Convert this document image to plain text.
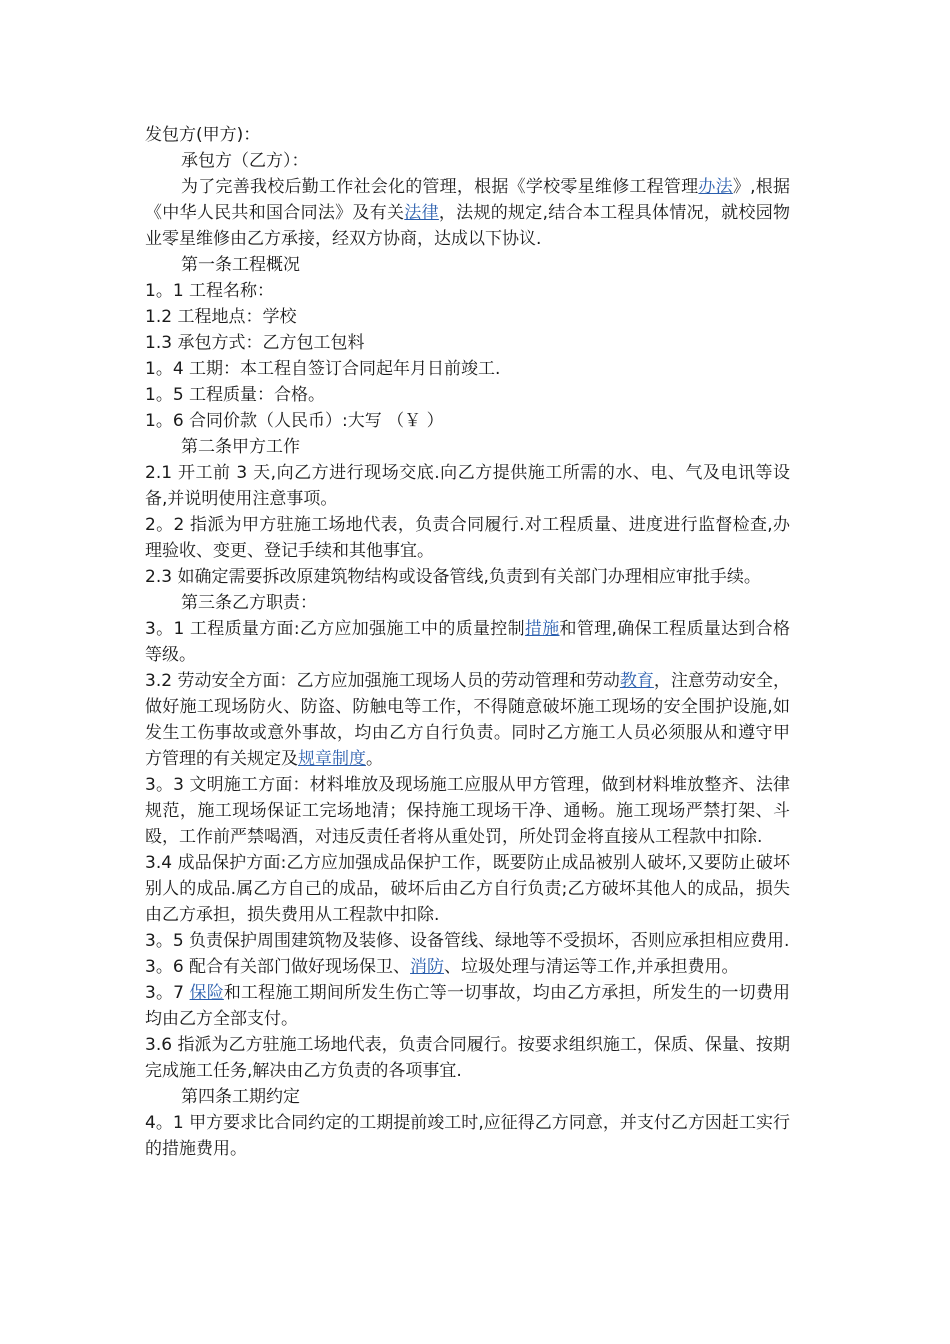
发包方(甲方)：

承包方（乙方）：

为了完善我校后勤工作社会化的管理，根据《学校零星维修工程管理办法》,根据《中华人民共和国合同法》及有关法律，法规的规定,结合本工程具体情况，就校园物业零星维修由乙方承接，经双方协商，达成以下协议.

第一条工程概况

1。1 工程名称：

1.2 工程地点：学校

1.3 承包方式：乙方包工包料

1。4 工期：本工程自签订合同起年月日前竣工.

1。5 工程质量：合格。

1。6 合同价款（人民币）:大写 （￥ ）

第二条甲方工作

2.1 开工前 3 天,向乙方进行现场交底.向乙方提供施工所需的水、电、气及电讯等设备,并说明使用注意事项。

2。2 指派为甲方驻施工场地代表，负责合同履行.对工程质量、进度进行监督检查,办理验收、变更、登记手续和其他事宜。

2.3 如确定需要拆改原建筑物结构或设备管线,负责到有关部门办理相应审批手续。

第三条乙方职责：

3。1 工程质量方面:乙方应加强施工中的质量控制措施和管理,确保工程质量达到合格等级。

3.2 劳动安全方面：乙方应加强施工现场人员的劳动管理和劳动教育，注意劳动安全，做好施工现场防火、防盗、防触电等工作，不得随意破坏施工现场的安全围护设施,如发生工伤事故或意外事故，均由乙方自行负责。同时乙方施工人员必须服从和遵守甲方管理的有关规定及规章制度。

3。3 文明施工方面：材料堆放及现场施工应服从甲方管理，做到材料堆放整齐、法律规范，施工现场保证工完场地清；保持施工现场干净、通畅。施工现场严禁打架、斗殴，工作前严禁喝酒，对违反责任者将从重处罚，所处罚金将直接从工程款中扣除.

3.4 成品保护方面:乙方应加强成品保护工作，既要防止成品被别人破坏,又要防止破坏别人的成品.属乙方自己的成品，破坏后由乙方自行负责;乙方破坏其他人的成品，损失由乙方承担，损失费用从工程款中扣除.

3。5 负责保护周围建筑物及装修、设备管线、绿地等不受损坏，否则应承担相应费用.

3。6 配合有关部门做好现场保卫、消防、垃圾处理与清运等工作,并承担费用。

3。7 保险和工程施工期间所发生伤亡等一切事故，均由乙方承担，所发生的一切费用均由乙方全部支付。

3.6 指派为乙方驻施工场地代表，负责合同履行。按要求组织施工，保质、保量、按期完成施工任务,解决由乙方负责的各项事宜.

第四条工期约定

4。1 甲方要求比合同约定的工期提前竣工时,应征得乙方同意，并支付乙方因赶工实行的措施费用。
